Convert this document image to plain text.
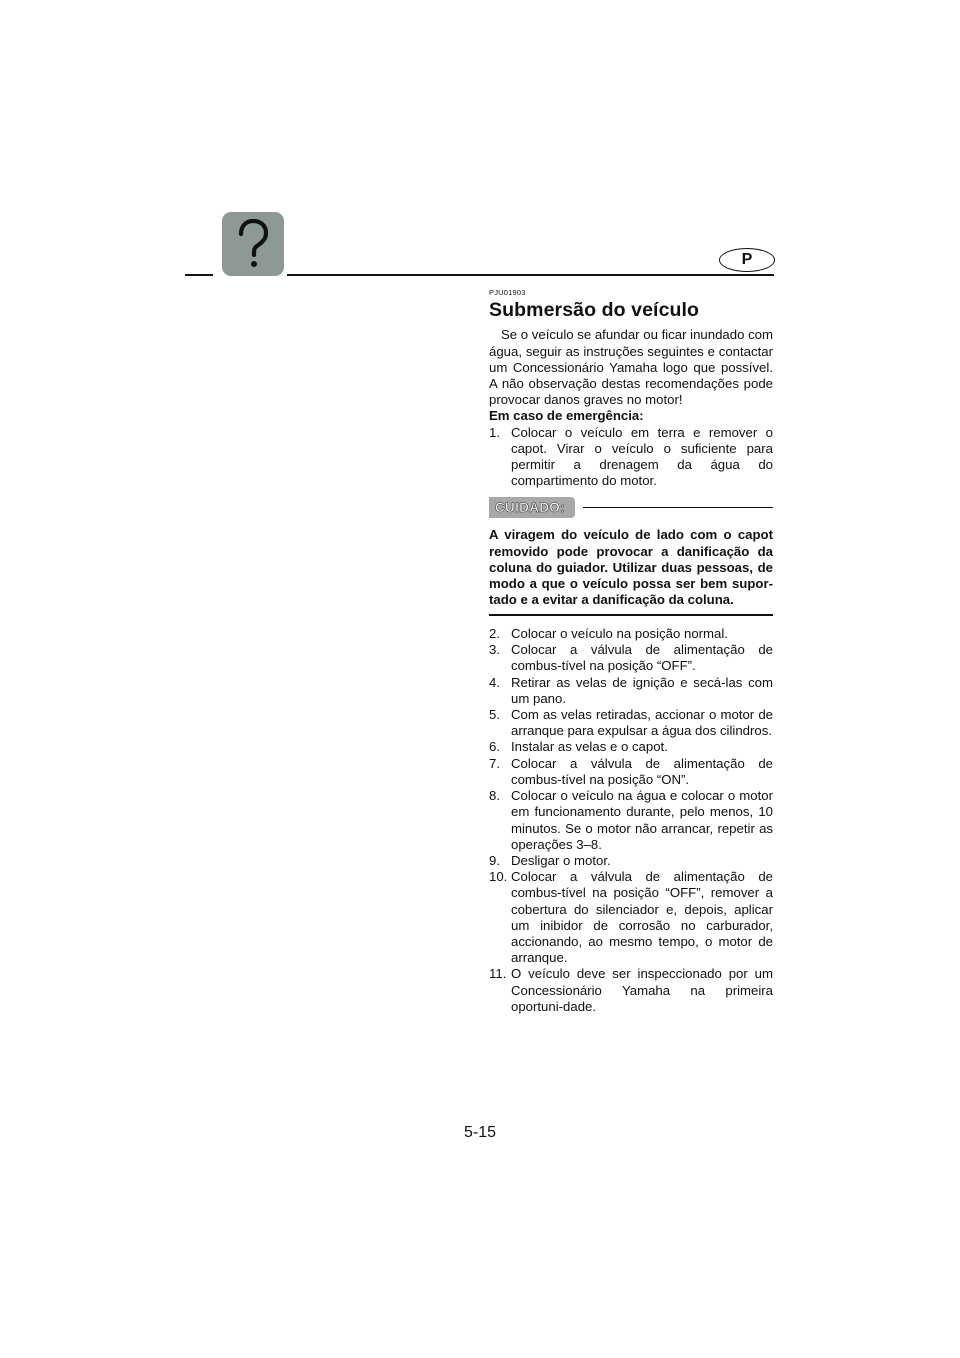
P
PJU01903
Submersão do veículo

Se o veículo se afundar ou ficar inundado com água, seguir as instruções seguintes e contactar um Concessionário Yamaha logo que possível. A não observação destas recomendações pode provocar danos graves no motor!

Em caso de emergência:
1. Colocar o veículo em terra e remover o capot. Virar o veículo o suficiente para permitir a drenagem da água do compartimento do motor.
CUIDADO:
A viragem do veículo de lado com o capot removido pode provocar a danificação da coluna do guiador. Utilizar duas pessoas, de modo a que o veículo possa ser bem supor-tado e a evitar a danificação da coluna.
2. Colocar o veículo na posição normal.
3. Colocar a válvula de alimentação de combus-tível na posição “OFF”.
4. Retirar as velas de ignição e secá-las com um pano.
5. Com as velas retiradas, accionar o motor de arranque para expulsar a água dos cilindros.
6. Instalar as velas e o capot.
7. Colocar a válvula de alimentação de combus-tível na posição “ON”.
8. Colocar o veículo na água e colocar o motor em funcionamento durante, pelo menos, 10 minutos. Se o motor não arrancar, repetir as operações 3–8.
9. Desligar o motor.
10. Colocar a válvula de alimentação de combus-tível na posição “OFF”, remover a cobertura do silenciador e, depois, aplicar um inibidor de corrosão no carburador, accionando, ao mesmo tempo, o motor de arranque.
11. O veículo deve ser inspeccionado por um Concessionário Yamaha na primeira oportuni-dade.
5-15
